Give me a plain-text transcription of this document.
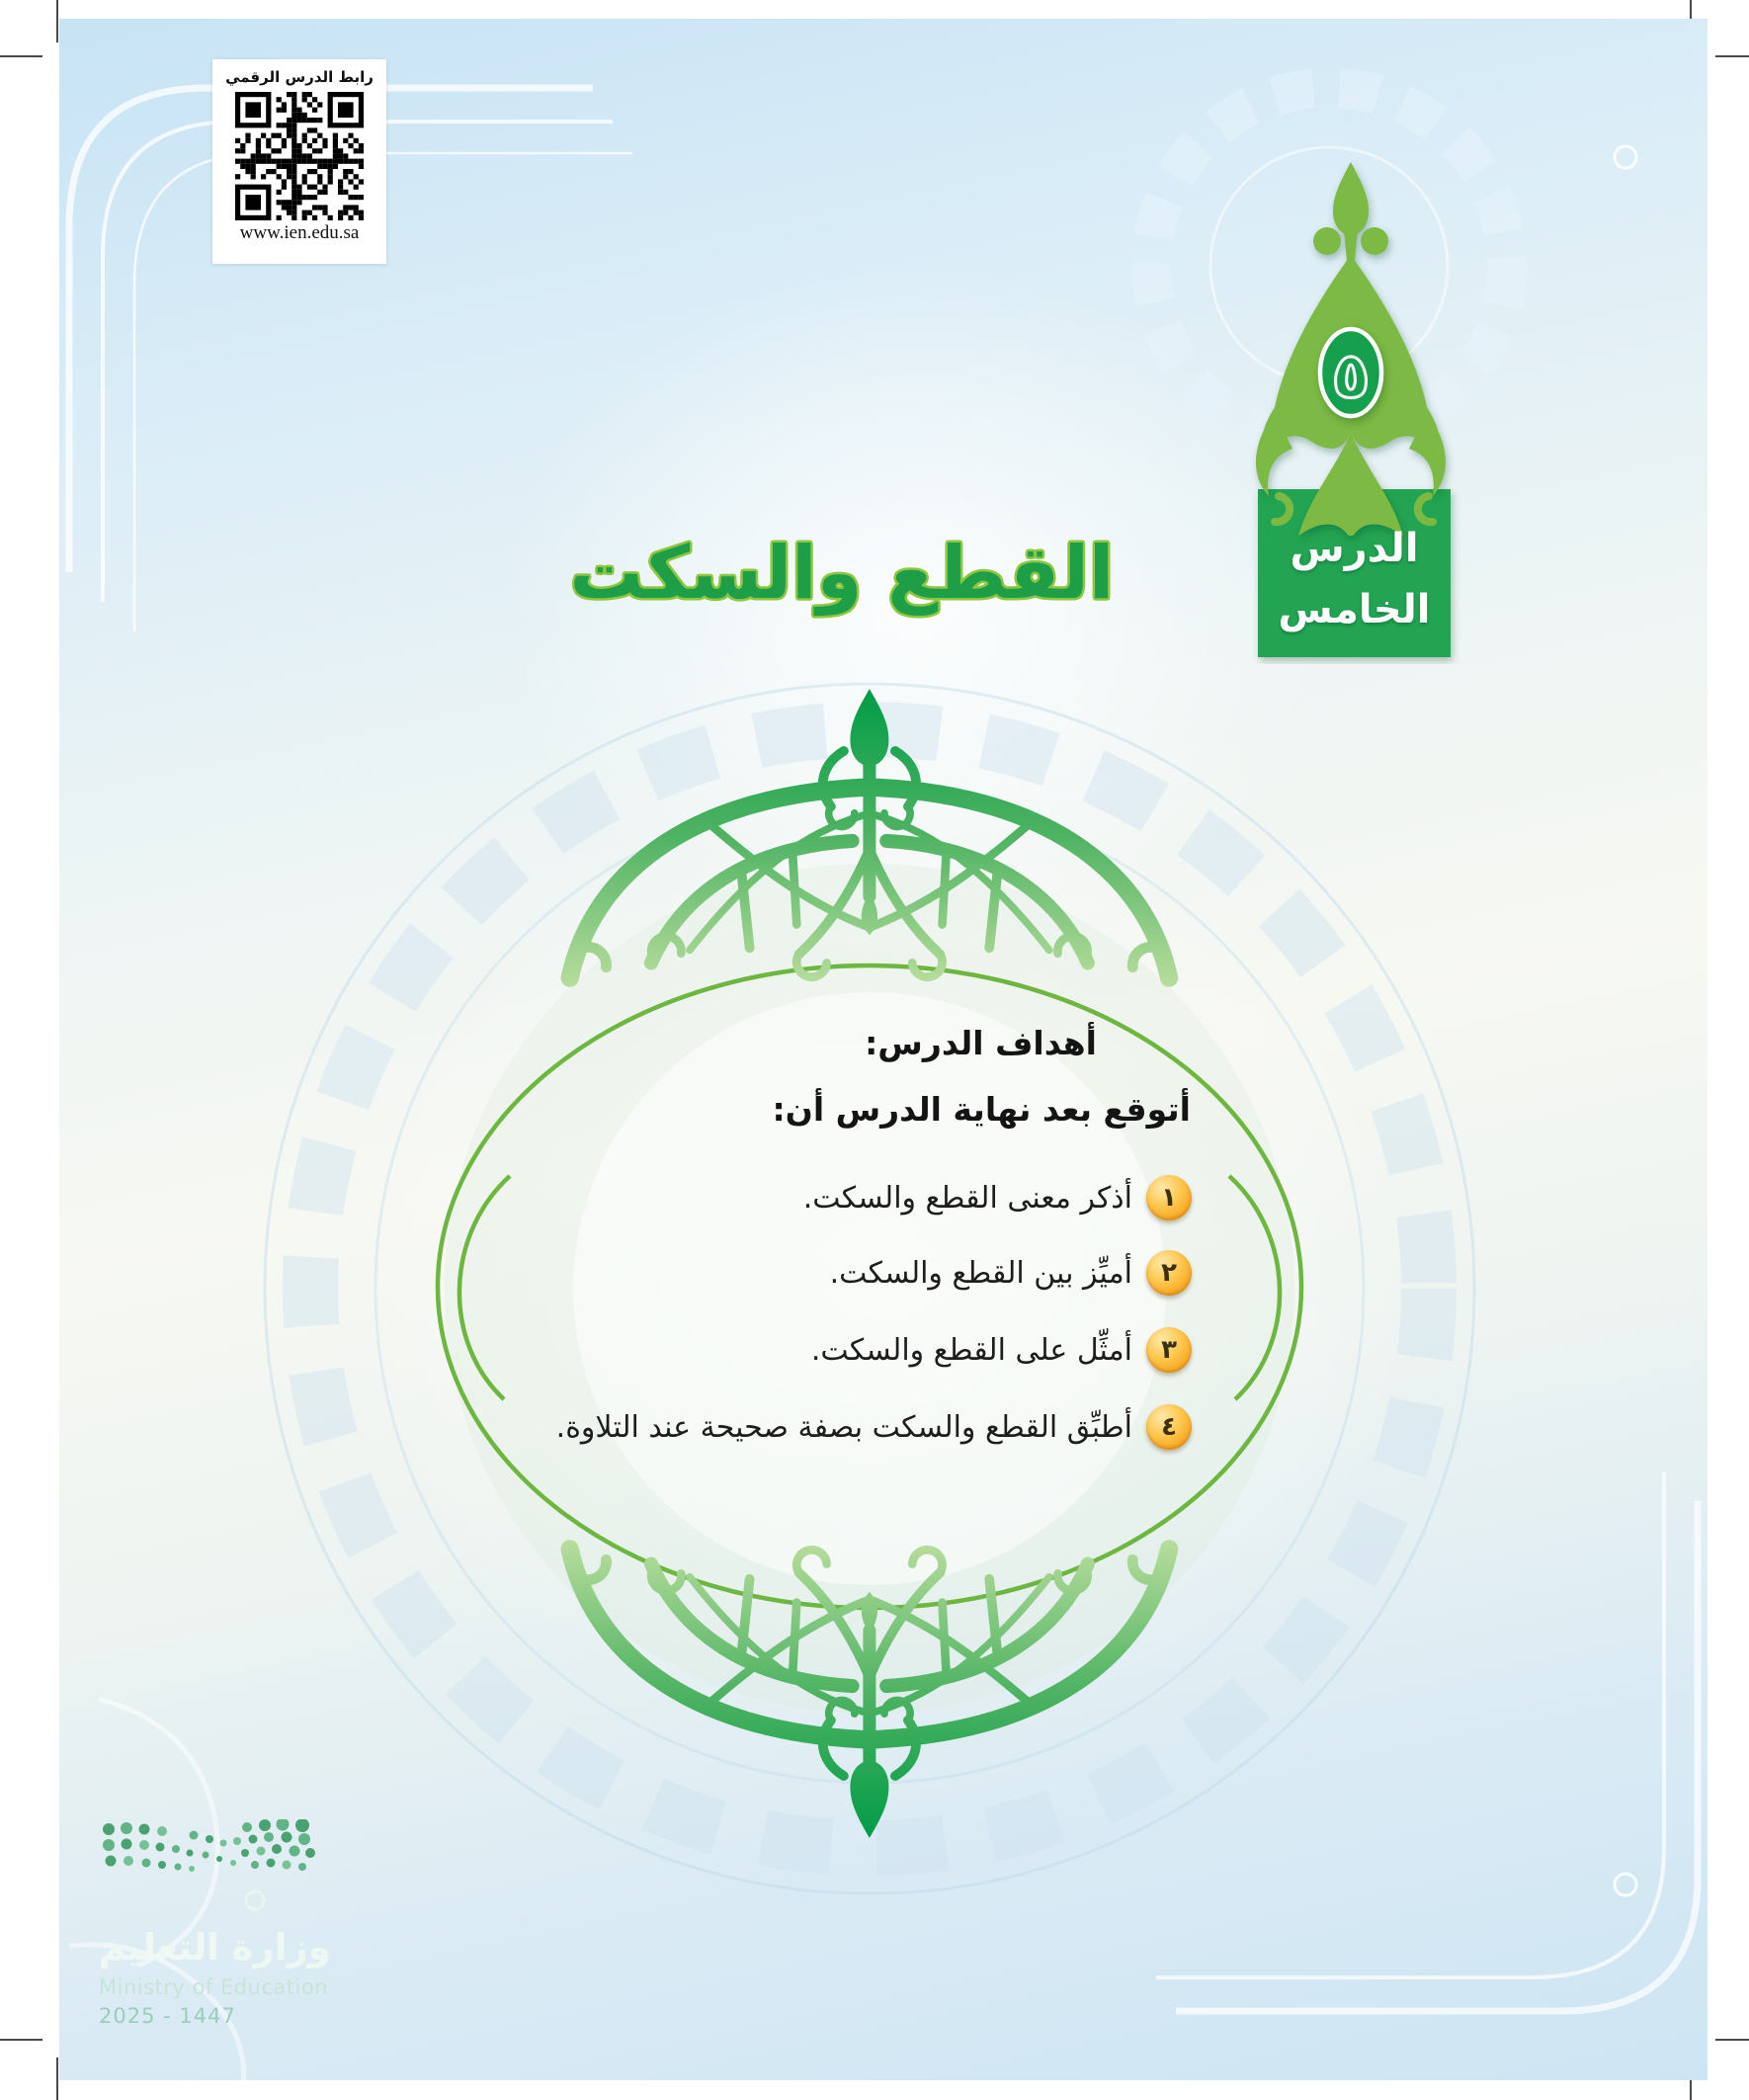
رابط الدرس الرقمي
www.ien.edu.sa
٥
الدرس
الخامس
القطع والسكت
أهداف الدرس:
أتوقع بعد نهاية الدرس أن:
١
أذكر معنى القطع والسكت.
٢
أميِّز بين القطع والسكت.
٣
أمثِّل على القطع والسكت.
٤
أطبِّق القطع والسكت بصفة صحيحة عند التلاوة.
وزارة التعليم
Ministry of Education
2025 - 1447
